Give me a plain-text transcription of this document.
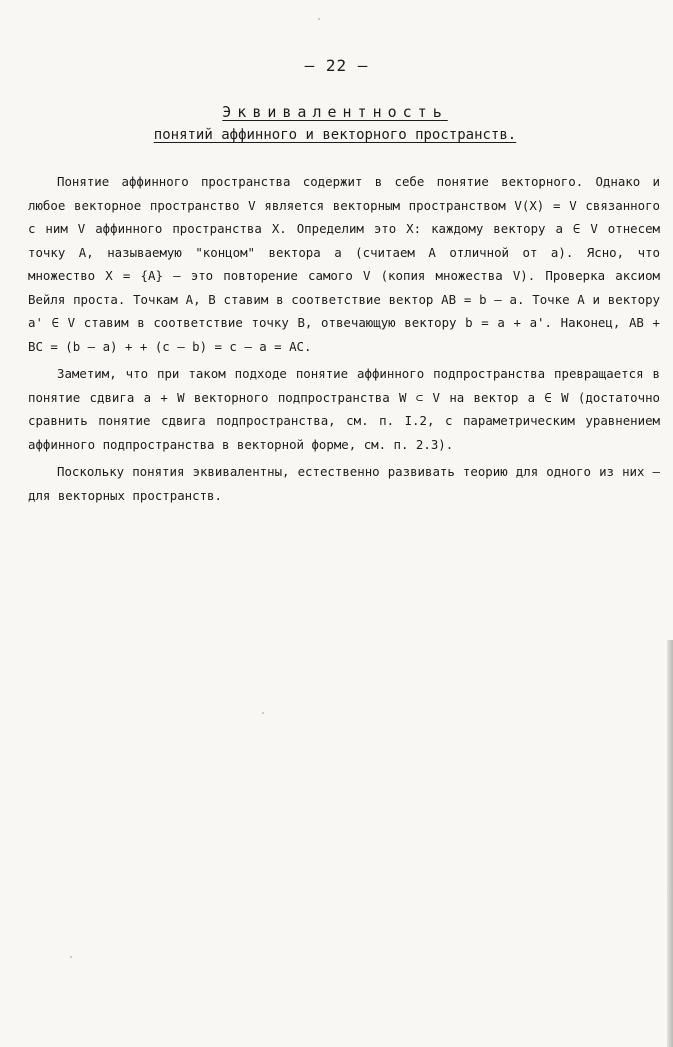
– 22 –
Эквивалентность
понятий аффинного и векторного пространств.

Понятие аффинного пространства содержит в себе понятие векторного. Однако и любое векторное пространство V является векторным пространством V(X) = V связанного с ним V аффинного пространства X. Определим это X: каждому вектору a ∈ V отнесем точку A, называемую "концом" вектора a (считаем A отличной от a). Ясно, что множество X = {A} – это повторение самого V (копия множества V). Проверка аксиом Вейля проста. Точкам A, B ставим в соответствие вектор AB = b – a. Точке A и вектору a' ∈ V ставим в соответствие точку B, отвечающую вектору b = a + a'. Наконец, AB + BC = (b – a) + + (c – b) = c – a = AC.

Заметим, что при таком подходе понятие аффинного подпространства превращается в понятие сдвига a + W векторного подпространства W ⊂ V на вектор a ∈ W (достаточно сравнить понятие сдвига подпространства, см. п. I.2, с параметрическим уравнением аффинного подпространства в векторной форме, см. п. 2.3).

Поскольку понятия эквивалентны, естественно развивать теорию для одного из них – для векторных пространств.
